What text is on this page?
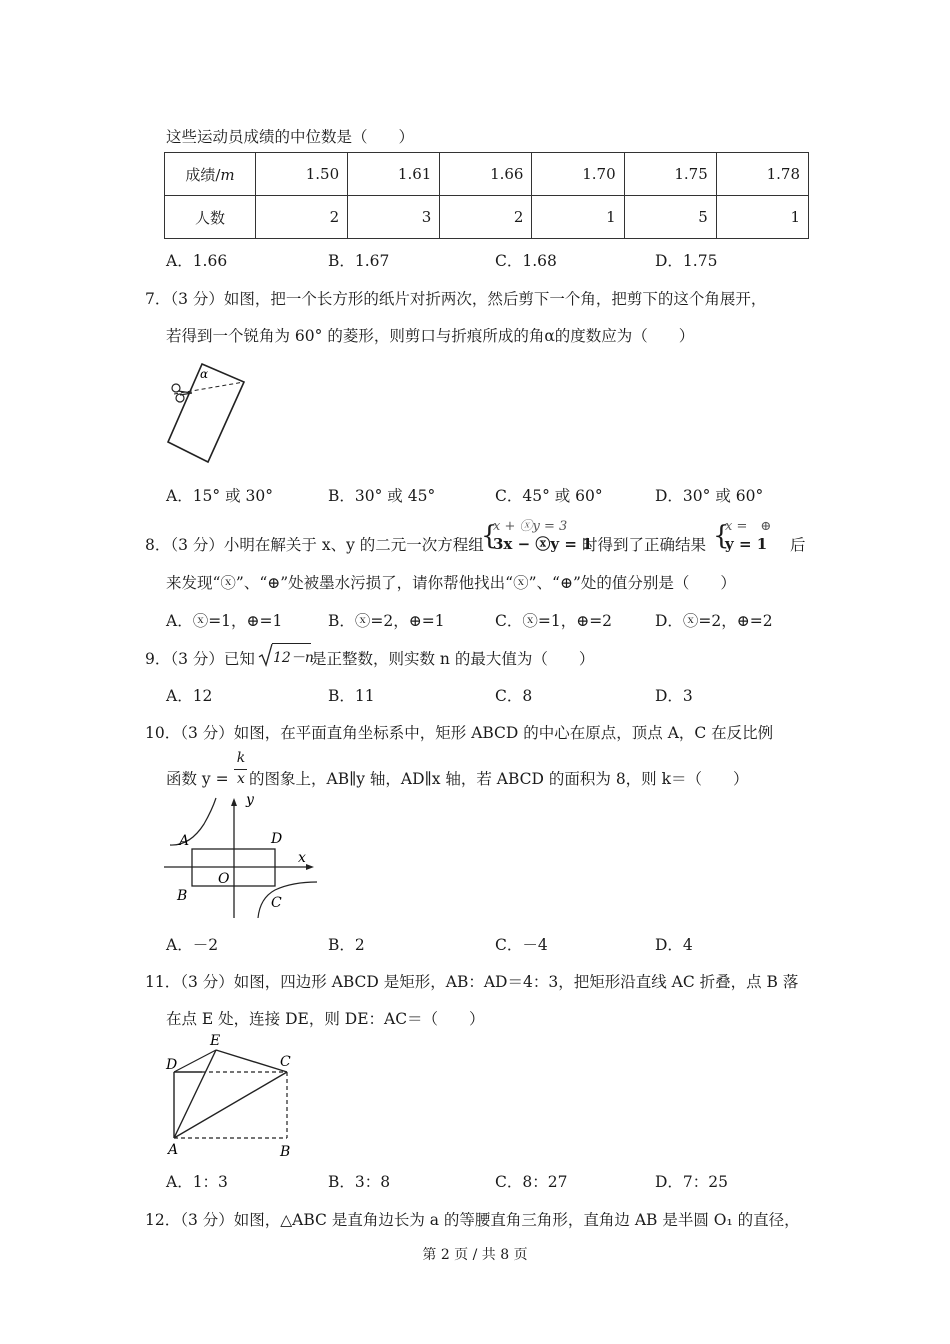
这些运动员成绩的中位数是（　　）
成绩/m	1.50	1.61	1.66	1.70	1.75	1.78
人数	2	3	2	1	5	1
A．1.66	B．1.67	C．1.68	D．1.75
7．（3 分）如图，把一个长方形的纸片对折两次，然后剪下一个角，把剪下的这个角展开，
若得到一个锐角为 60° 的菱形，则剪口与折痕所成的角α的度数应为（　　）
α
A．15° 或 30°	B．30° 或 45°	C．45° 或 60°	D．30° 或 60°
8．（3 分）小明在解关于 x、y 的二元一次方程组
{
x + ⓧy = 3
3x − ⓧy = 1
时得到了正确结果 {
x =　⊕
y = 1 后
来发现“ⓧ”、“⊕”处被墨水污损了，请你帮他找出“ⓧ”、“⊕”处的值分别是（　　）
A．ⓧ=1，⊕=1	B．ⓧ=2，⊕=1	C．ⓧ=1，⊕=2	D．ⓧ=2，⊕=2
9．（3 分）已知 12－n
是正整数，则实数 n 的最大值为（　　）
A．12	B．11	C．8	D．3
10．（3 分）如图，在平面直角坐标系中，矩形 ABCD 的中心在原点，顶点 A，C 在反比例
函数 y =
k
x 的图象上，AB∥y 轴，AD∥x 轴，若 ABCD 的面积为 8，则 k＝（　　）
y
x
A	D
B	C
O
A．－2	B．2	C．－4	D．4
11．（3 分）如图，四边形 ABCD 是矩形，AB：AD＝4：3，把矩形沿直线 AC 折叠，点 B 落
在点 E 处，连接 DE，则 DE：AC＝（　　）
D
E
C
A	B
A．1：3	B．3：8	C．8：27	D．7：25
12．（3 分）如图，△ABC 是直角边长为 a 的等腰直角三角形，直角边 AB 是半圆 O₁ 的直径，
第 2 页 / 共 8 页
